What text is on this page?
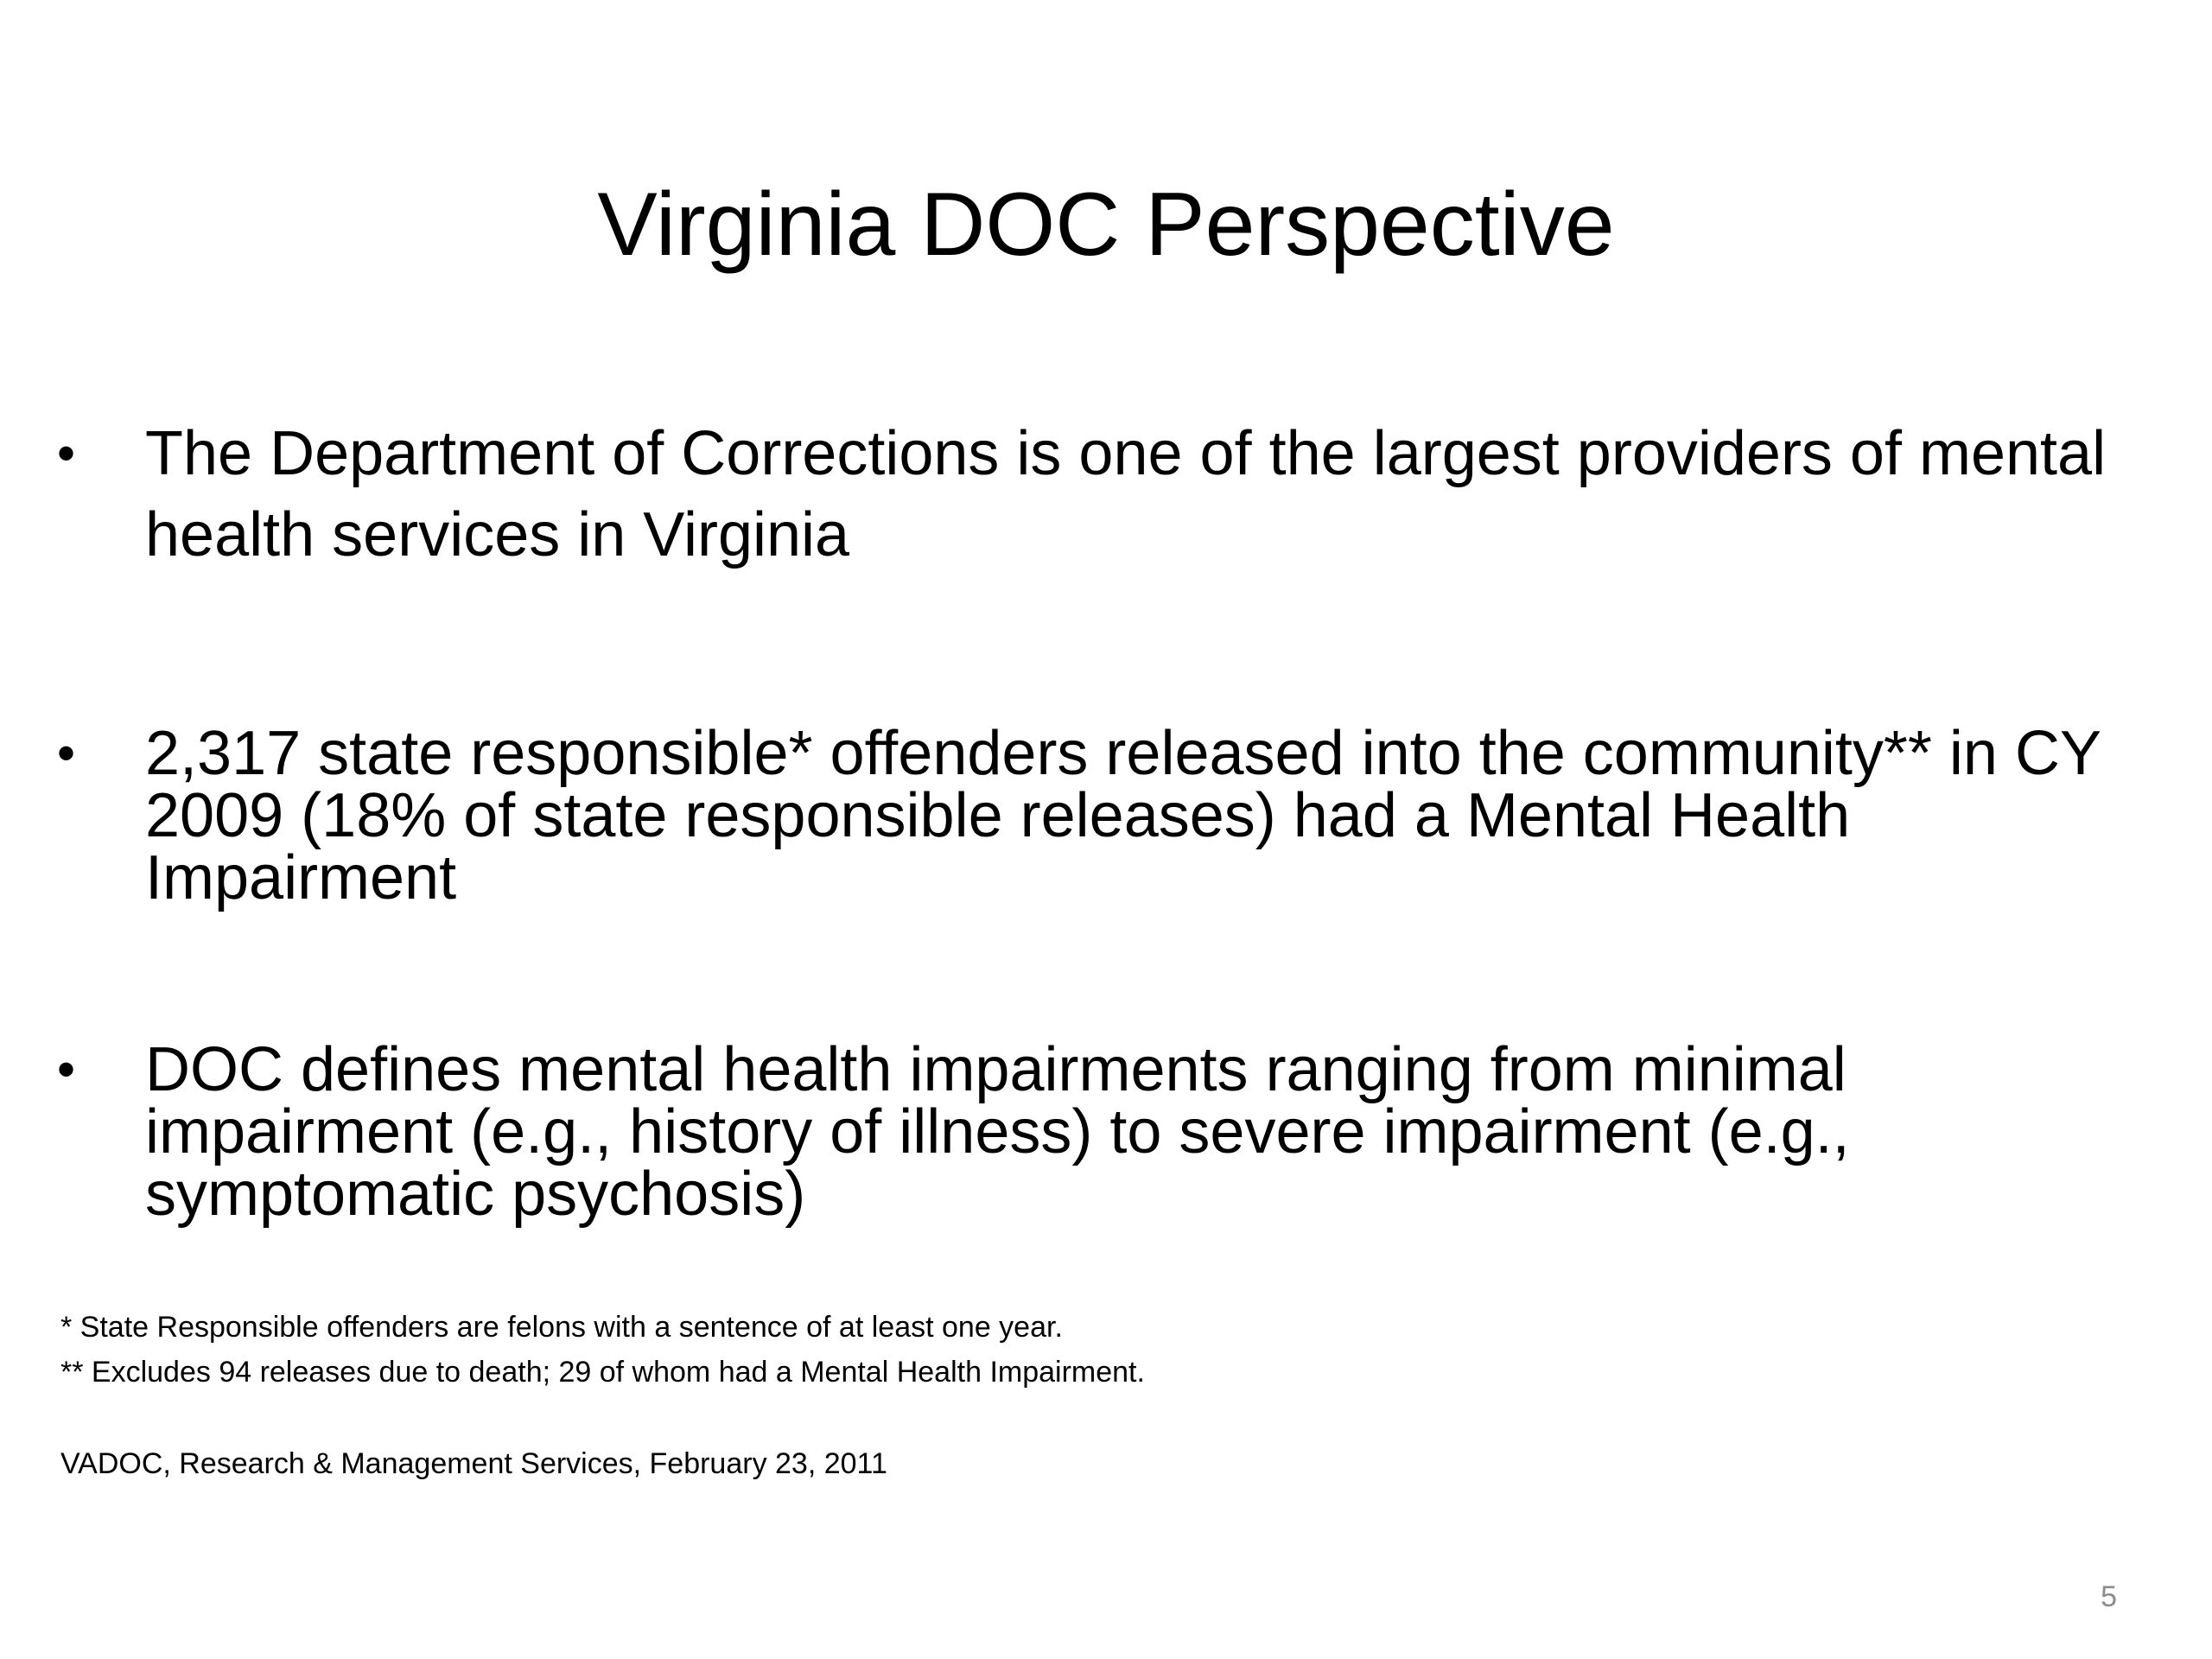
Virginia DOC Perspective
•	The Department of Corrections is one of the largest providers of mental health services in Virginia
•	2,317 state responsible* offenders released into the community** in CY 2009 (18% of state responsible releases) had a Mental Health Impairment
•	DOC defines mental health impairments ranging from minimal impairment (e.g., history of illness) to severe impairment (e.g., symptomatic psychosis)

* State Responsible offenders are felons with a sentence of at least one year.

** Excludes 94 releases due to death; 29 of whom had a Mental Health Impairment.

VADOC, Research & Management Services, February 23, 2011
5
